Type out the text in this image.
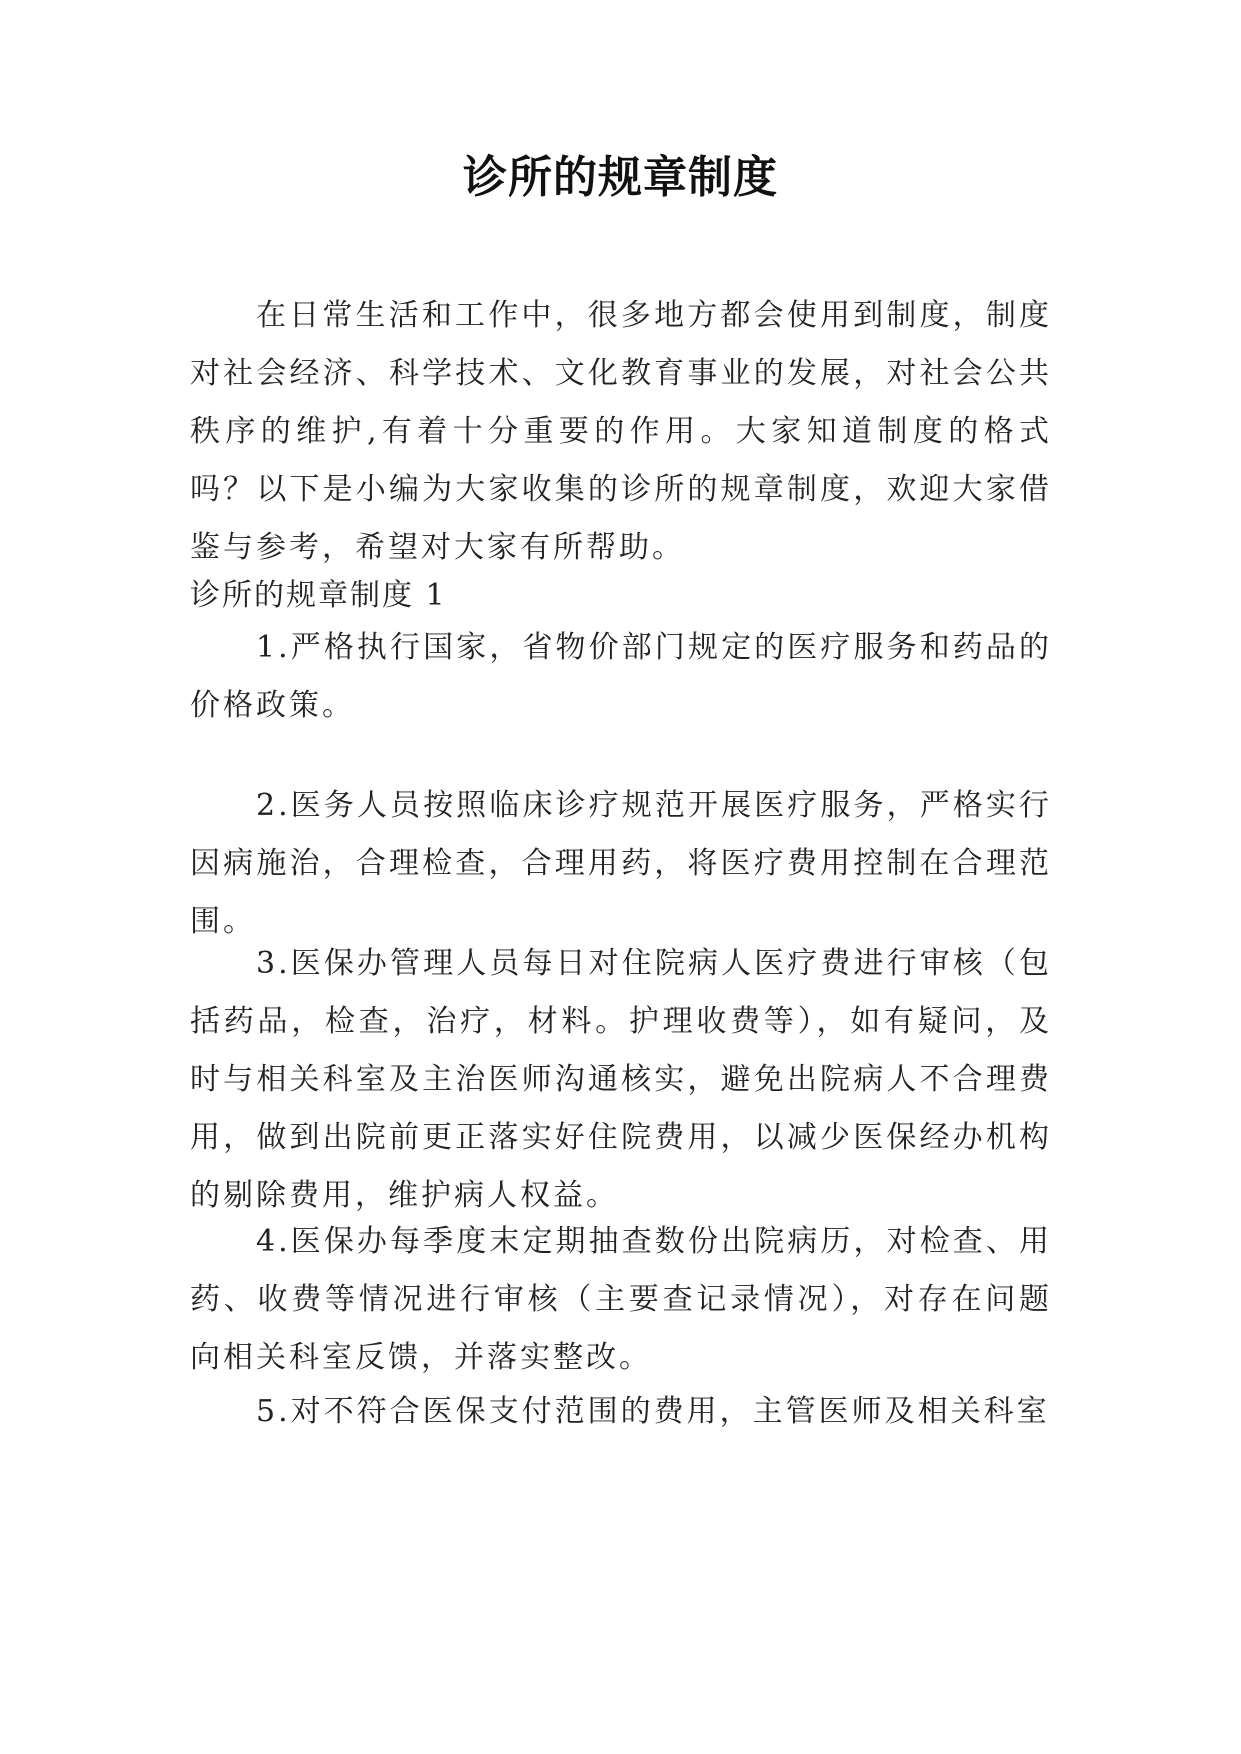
诊所的规章制度

在日常生活和工作中，很多地方都会使用到制度，制度对社会经济、科学技术、文化教育事业的发展，对社会公共秩序的维护,有着十分重要的作用。大家知道制度的格式吗？以下是小编为大家收集的诊所的规章制度，欢迎大家借鉴与参考，希望对大家有所帮助。

诊所的规章制度 1

1.严格执行国家，省物价部门规定的医疗服务和药品的价格政策。

2.医务人员按照临床诊疗规范开展医疗服务，严格实行因病施治，合理检查，合理用药，将医疗费用控制在合理范围。

3.医保办管理人员每日对住院病人医疗费进行审核（包括药品，检查，治疗，材料。护理收费等），如有疑问，及时与相关科室及主治医师沟通核实，避免出院病人不合理费用，做到出院前更正落实好住院费用，以减少医保经办机构的剔除费用，维护病人权益。

4.医保办每季度末定期抽查数份出院病历，对检查、用药、收费等情况进行审核（主要查记录情况），对存在问题向相关科室反馈，并落实整改。

5.对不符合医保支付范围的费用，主管医师及相关科室
